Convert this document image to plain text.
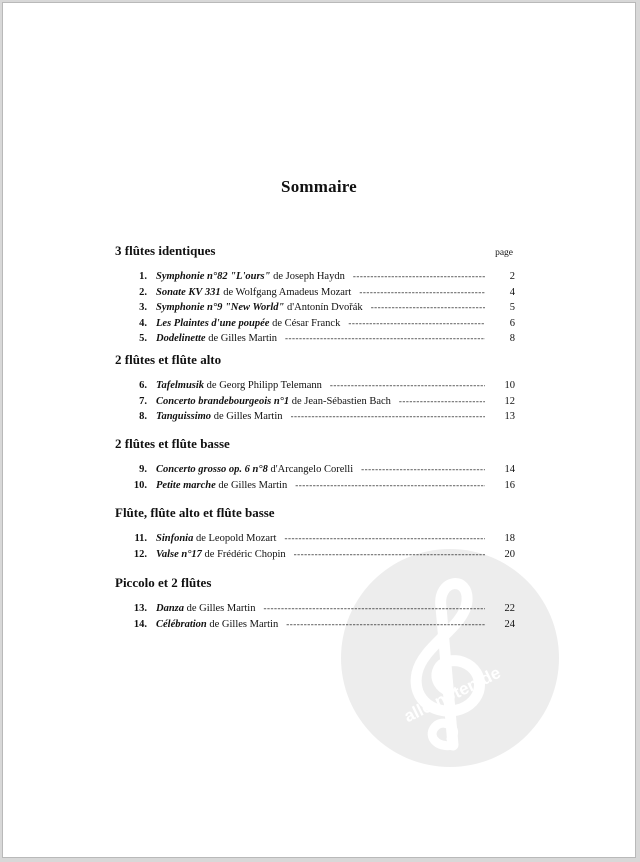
alle-noten.de
Sommaire
3 flûtes identiques	page
1. Symphonie n°82 "L'ours" de Joseph Haydn -----	2
2. Sonate KV 331 de Wolfgang Amadeus Mozart -----	4
3. Symphonie n°9 "New World" d'Antonín Dvořák -----	5
4. Les Plaintes d'une poupée de César Franck -----	6
5. Dodelinette de Gilles Martin -----	8
2 flûtes et flûte alto
6. Tafelmusik de Georg Philipp Telemann -----	10
7. Concerto brandebourgeois n°1 de Jean-Sébastien Bach -----	12
8. Tanguissimo de Gilles Martin -----	13
2 flûtes et flûte basse
9. Concerto grosso op. 6 n°8 d'Arcangelo Corelli -----	14
10. Petite marche de Gilles Martin -----	16
Flûte, flûte alto et flûte basse
11. Sinfonia de Leopold Mozart -----	18
12. Valse n°17 de Frédéric Chopin -----	20
Piccolo et 2 flûtes
13. Danza de Gilles Martin -----	22
14. Célébration de Gilles Martin -----	24
